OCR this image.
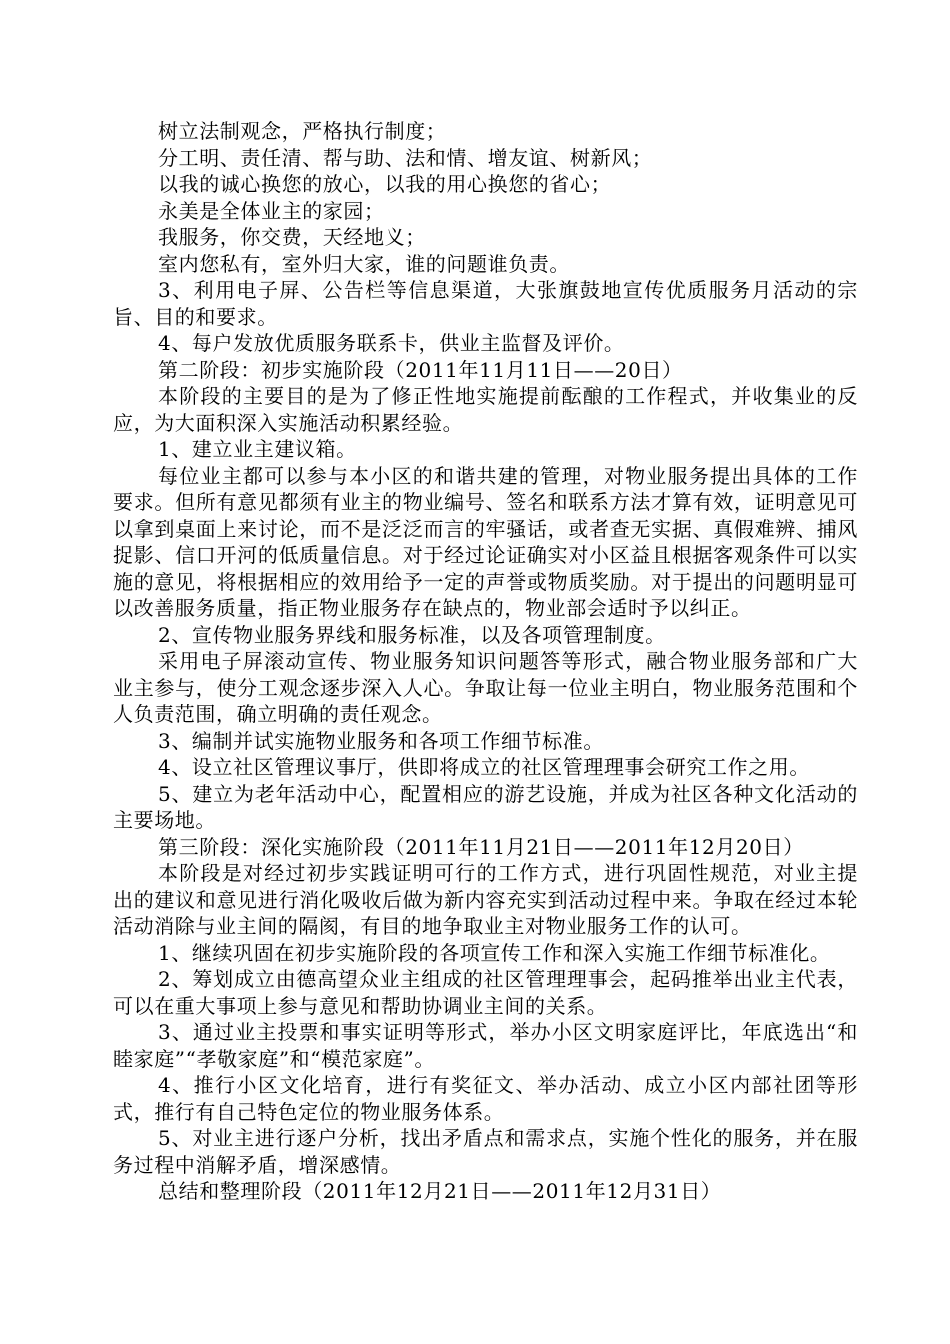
树立法制观念，严格执行制度；

分工明、责任清、帮与助、法和情、增友谊、树新风；

以我的诚心换您的放心，以我的用心换您的省心；

永美是全体业主的家园；

我服务，你交费，天经地义；

室内您私有，室外归大家，谁的问题谁负责。

3、利用电子屏、公告栏等信息渠道，大张旗鼓地宣传优质服务月活动的宗旨、目的和要求。

4、每户发放优质服务联系卡，供业主监督及评价。

第二阶段：初步实施阶段（2011年11月11日——20日）

本阶段的主要目的是为了修正性地实施提前酝酿的工作程式，并收集业的反应，为大面积深入实施活动积累经验。

1、建立业主建议箱。

每位业主都可以参与本小区的和谐共建的管理，对物业服务提出具体的工作要求。但所有意见都须有业主的物业编号、签名和联系方法才算有效，证明意见可以拿到桌面上来讨论，而不是泛泛而言的牢骚话，或者查无实据、真假难辨、捕风捉影、信口开河的低质量信息。对于经过论证确实对小区益且根据客观条件可以实施的意见，将根据相应的效用给予一定的声誉或物质奖励。对于提出的问题明显可以改善服务质量，指正物业服务存在缺点的，物业部会适时予以纠正。

2、宣传物业服务界线和服务标准，以及各项管理制度。

采用电子屏滚动宣传、物业服务知识问题答等形式，融合物业服务部和广大业主参与，使分工观念逐步深入人心。争取让每一位业主明白，物业服务范围和个人负责范围，确立明确的责任观念。

3、编制并试实施物业服务和各项工作细节标准。

4、设立社区管理议事厅，供即将成立的社区管理理事会研究工作之用。

5、建立为老年活动中心，配置相应的游艺设施，并成为社区各种文化活动的主要场地。

第三阶段：深化实施阶段（2011年11月21日——2011年12月20日）

本阶段是对经过初步实践证明可行的工作方式，进行巩固性规范，对业主提出的建议和意见进行消化吸收后做为新内容充实到活动过程中来。争取在经过本轮活动消除与业主间的隔阂，有目的地争取业主对物业服务工作的认可。

1、继续巩固在初步实施阶段的各项宣传工作和深入实施工作细节标准化。

2、筹划成立由德高望众业主组成的社区管理理事会，起码推举出业主代表，可以在重大事项上参与意见和帮助协调业主间的关系。

3、通过业主投票和事实证明等形式，举办小区文明家庭评比，年底选出“和睦家庭”“孝敬家庭”和“模范家庭”。

4、推行小区文化培育，进行有奖征文、举办活动、成立小区内部社团等形式，推行有自己特色定位的物业服务体系。

5、对业主进行逐户分析，找出矛盾点和需求点，实施个性化的服务，并在服务过程中消解矛盾，增深感情。

总结和整理阶段（2011年12月21日——2011年12月31日）
